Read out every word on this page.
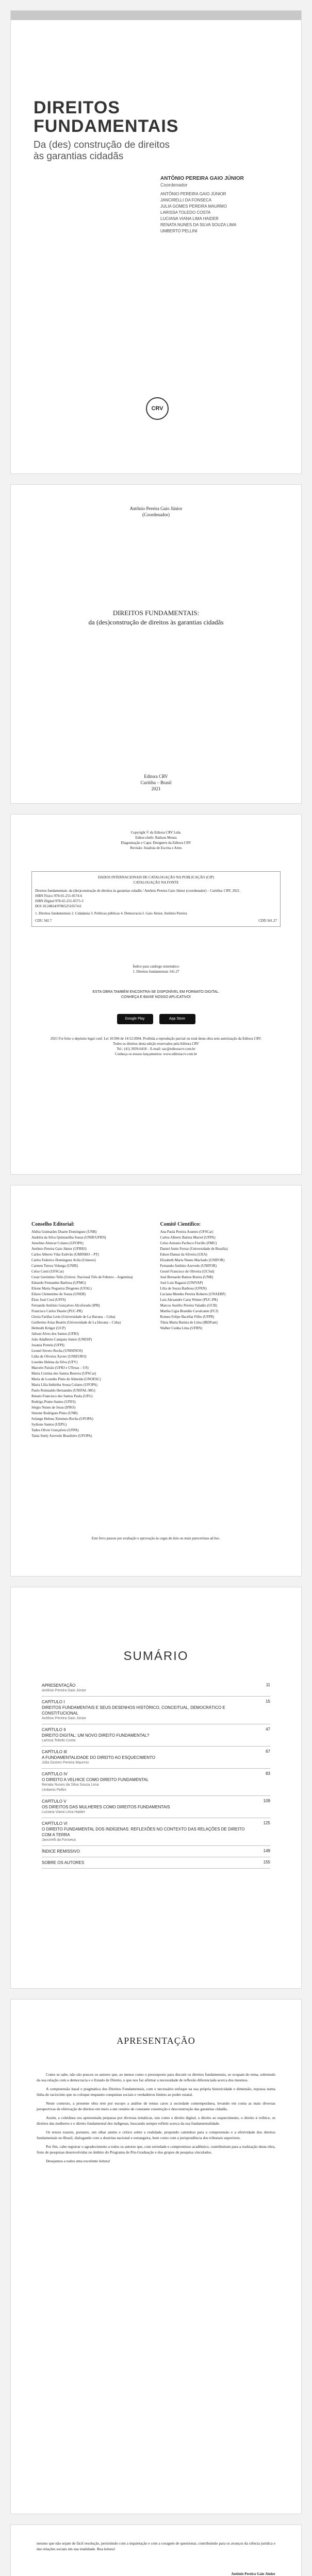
DIREITOS
FUNDAMENTAIS
Da (des) construção de direitos
às garantias cidadãs
ANTÔNIO PEREIRA GAIO JÚNIOR
Coordenador
ANTÔNIO PEREIRA GAIO JÚNIOR
JANCIRELLI DA FONSECA
JULIA GOMES PEREIRA MAURMO
LARISSA TOLEDO COSTA
LUCIANA VIANA LIMA HAIDER
RENATA NUNES DA SILVA SOUZA LIMA
UMBERTO PELLINI
CRV
Antônio Pereira Gaio Júnior
(Coordenador)
DIREITOS FUNDAMENTAIS:
da (des)construção de direitos às garantias cidadãs
Editora CRV
Curitiba – Brasil
2021
Copyright © da Editora CRV Ltda.
Editor-chefe: Railson Moura
Diagramação e Capa: Designers da Editora CRV
Revisão: Analista de Escrita e Artes
DADOS INTERNACIONAIS DE CATALOGAÇÃO NA PUBLICAÇÃO (CIP)
CATALOGAÇÃO NA FONTE
Direitos fundamentais: da (des)construção de direitos às garantias cidadãs / Antônio Pereira Gaio Júnior (coordenador) – Curitiba: CRV, 2021.
ISBN Físico 978-65-251-0574-6
ISBN Digital 978-65-251-0575-3
DOI 10.24824/978652510574.6
1. Direitos fundamentais 2. Cidadania 3. Políticas públicas 4. Democracia I. Gaio Júnior, Antônio Pereira
CDU 342.7	CDD 341.27
Índice para catálogo sistemático
1. Direitos fundamentais 341.27
ESTA OBRA TAMBÉM ENCONTRA-SE DISPONÍVEL EM FORMATO DIGITAL. CONHEÇA E BAIXE NOSSO APLICATIVO!
Google Play	App Store
2021 Foi feito o depósito legal conf. Lei 10.994 de 14/12/2004. Proibida a reprodução parcial ou total desta obra sem autorização da Editora CRV.
Todos os direitos desta edição reservados pela Editora CRV
Tel.: (41) 3039-6418 – E-mail: sac@editoracrv.com.br
Conheça os nossos lançamentos: www.editoracrv.com.br
Conselho Editorial:
Aldira Guimarães Duarte Domínguez (UNB)
Andréia da Silva Quintanilha Sousa (UNIR/UFRN)
Anselmo Alencar Colares (UFOPA)
Antônio Pereira Gaio Júnior (UFRRJ)
Carlos Alberto Vilar Estêvão (UMINHO – PT)
Carlos Federico Dominguez Avila (Unieuro)
Carmen Tereza Velanga (UNIR)
Celso Conti (UFSCar)
Cesar Gerónimo Tello (Univer. Nacional Três de Febrero – Argentina)
Eduardo Fernandes Barbosa (UFMG)
Elione Maria Nogueira Diogenes (UFAL)
Elizeu Clementino de Souza (UNEB)
Élsio José Corá (UFFS)
Fernando Antônio Gonçalves Alcoforado (IPB)
Francisco Carlos Duarte (PUC-PR)
Gloria Fariñas León (Universidade de La Havana – Cuba)
Guillermo Arias Beatón (Universidade de La Havana – Cuba)
Helmuth Krüger (UCP)
Jailson Alves dos Santos (UFRJ)
João Adalberto Campato Junior (UNESP)
Josania Portela (UFPI)
Leonel Severo Rocha (UNISINOS)
Lídia de Oliveira Xavier (UNIEURO)
Lourdes Helena da Silva (UFV)
Marcelo Paixão (UFRJ e UTexas – US)
Maria Cristina dos Santos Bezerra (UFSCar)
Maria de Lourdes Pinto de Almeida (UNOESC)
Maria Lília Imbiriba Sousa Colares (UFOPA)
Paulo Romualdo Hernandes (UNIFAL-MG)
Renato Francisco dos Santos Paula (UFG)
Rodrigo Pratte-Santos (UFES)
Sérgio Nunes de Jesus (IFRO)
Simone Rodrigues Pinto (UNB)
Solange Helena Ximenes-Rocha (UFOPA)
Sydione Santos (UEPG)
Tadeu Oliver Gonçalves (UFPA)
Tania Suely Azevedo Brasileiro (UFOPA)
Comitê Científico:
Ana Paula Pereira Arantes (UFSCar)
Carlos Alberto Batista Maciel (UFPA)
Celso Antonio Pacheco Fiorillo (FMU)
Daniel Amin Ferraz (Universidade de Brasília)
Edson Damas da Silveira (UEA)
Elizabeth Maria Nunes Machado (UNIFOR)
Fernando Antônio Azevedo (UNIFOR)
Gesiel Francisco de Oliveira (UCSal)
José Bernardo Ramos Boeira (UNB)
José Luiz Ragazzi (UNIVAP)
Lília de Souza Barbosa (UFRN)
Luciana Mendes Pereira Roberto (UNAERP)
Luis Alexandre Carta Winter (PUC-PR)
Marcos Aurélio Pereira Valadão (UCB)
Martha Lígia Brandão Cavalcante (FCJ)
Romeu Felipe Bacellar Filho (UFPR)
Tânia Maria Batista de Lima (IBDFam)
Walber Cunha Lima (UFRN)
Este livro passou por avaliação e aprovação às cegas de dois ou mais pareceristas ad hoc.
SUMÁRIO
APRESENTAÇÃO
Antônio Pereira Gaio Júnior
11
CAPÍTULO I
DIREITOS FUNDAMENTAIS E SEUS DESENHOS HISTÓRICO, CONCEITUAL, DEMOCRÁTICO E CONSTITUCIONAL
Antônio Pereira Gaio Júnior
15
CAPÍTULO II
DIREITO DIGITAL: UM NOVO DIREITO FUNDAMENTAL?
Larissa Toledo Costa
47
CAPÍTULO III
A FUNDAMENTALIDADE DO DIREITO AO ESQUECIMENTO
Júlia Gomes Pereira Maurmo
67
CAPÍTULO IV
O DIREITO A VELHICE COMO DIREITO FUNDAMENTAL
Renata Nunes da Silva Souza Lima
Umberto Pellini
83
CAPÍTULO V
OS DIREITOS DAS MULHERES COMO DIREITOS FUNDAMENTAIS
Luciana Viana Lima Haider
109
CAPÍTULO VI
O DIREITO FUNDAMENTAL DOS INDÍGENAS: REFLEXÕES NO CONTEXTO DAS RELAÇÕES DE DIREITO COM A TERRA
Jancirelli da Fonseca
125
ÍNDICE REMISSIVO	149
SOBRE OS AUTORES	155
APRESENTAÇÃO

Como se sabe, não são poucos os autores que, ao menos como o pressuposto para discutir os direitos fundamentais, se ocupam do tema, sobretudo da sua relação com a democracia e o Estado de Direito, o que nos faz afirmar a necessidade de reflexão diferenciada acerca dos mesmos.

A compreensão basal e pragmática dos Direitos Fundamentais, com o necessário enfoque na sua própria historicidade e dimensão, repousa numa linha de raciocínio que os coloque enquanto conquistas sociais e verdadeiros limites ao poder estatal.

Neste contexto, a presente obra tem por escopo a análise de temas caros à sociedade contemporânea, levando em conta as mais diversas perspectivas de efetivação de direitos em meio a um cenário de constante construção e desconstrução das garantias cidadãs.

Assim, a coletânea ora apresentada perpassa por diversas temáticas, tais como o direito digital, o direito ao esquecimento, o direito à velhice, os direitos das mulheres e o direito fundamental dos indígenas, buscando sempre refletir acerca da sua fundamentalidade.

Os textos trazem, portanto, um olhar atento e crítico sobre a realidade, propondo caminhos para a compreensão e a efetividade dos direitos fundamentais no Brasil, dialogando com a doutrina nacional e estrangeira, bem como com a jurisprudência dos tribunais superiores.

Por fim, cabe registrar o agradecimento a todos os autores que, com seriedade e compromisso acadêmico, contribuíram para a realização desta obra, fruto de pesquisas desenvolvidas no âmbito do Programa de Pós-Graduação e dos grupos de pesquisa vinculados.

Desejamos a todos uma excelente leitura!

mesmo que não sejam de fácil resolução, persistindo com a inquietação e com a coragem de questionar, contribuindo para os avanços da ciência jurídica e das relações sociais em sua totalidade. Boa leitura!

Antônio Pereira Gaio Júnior
